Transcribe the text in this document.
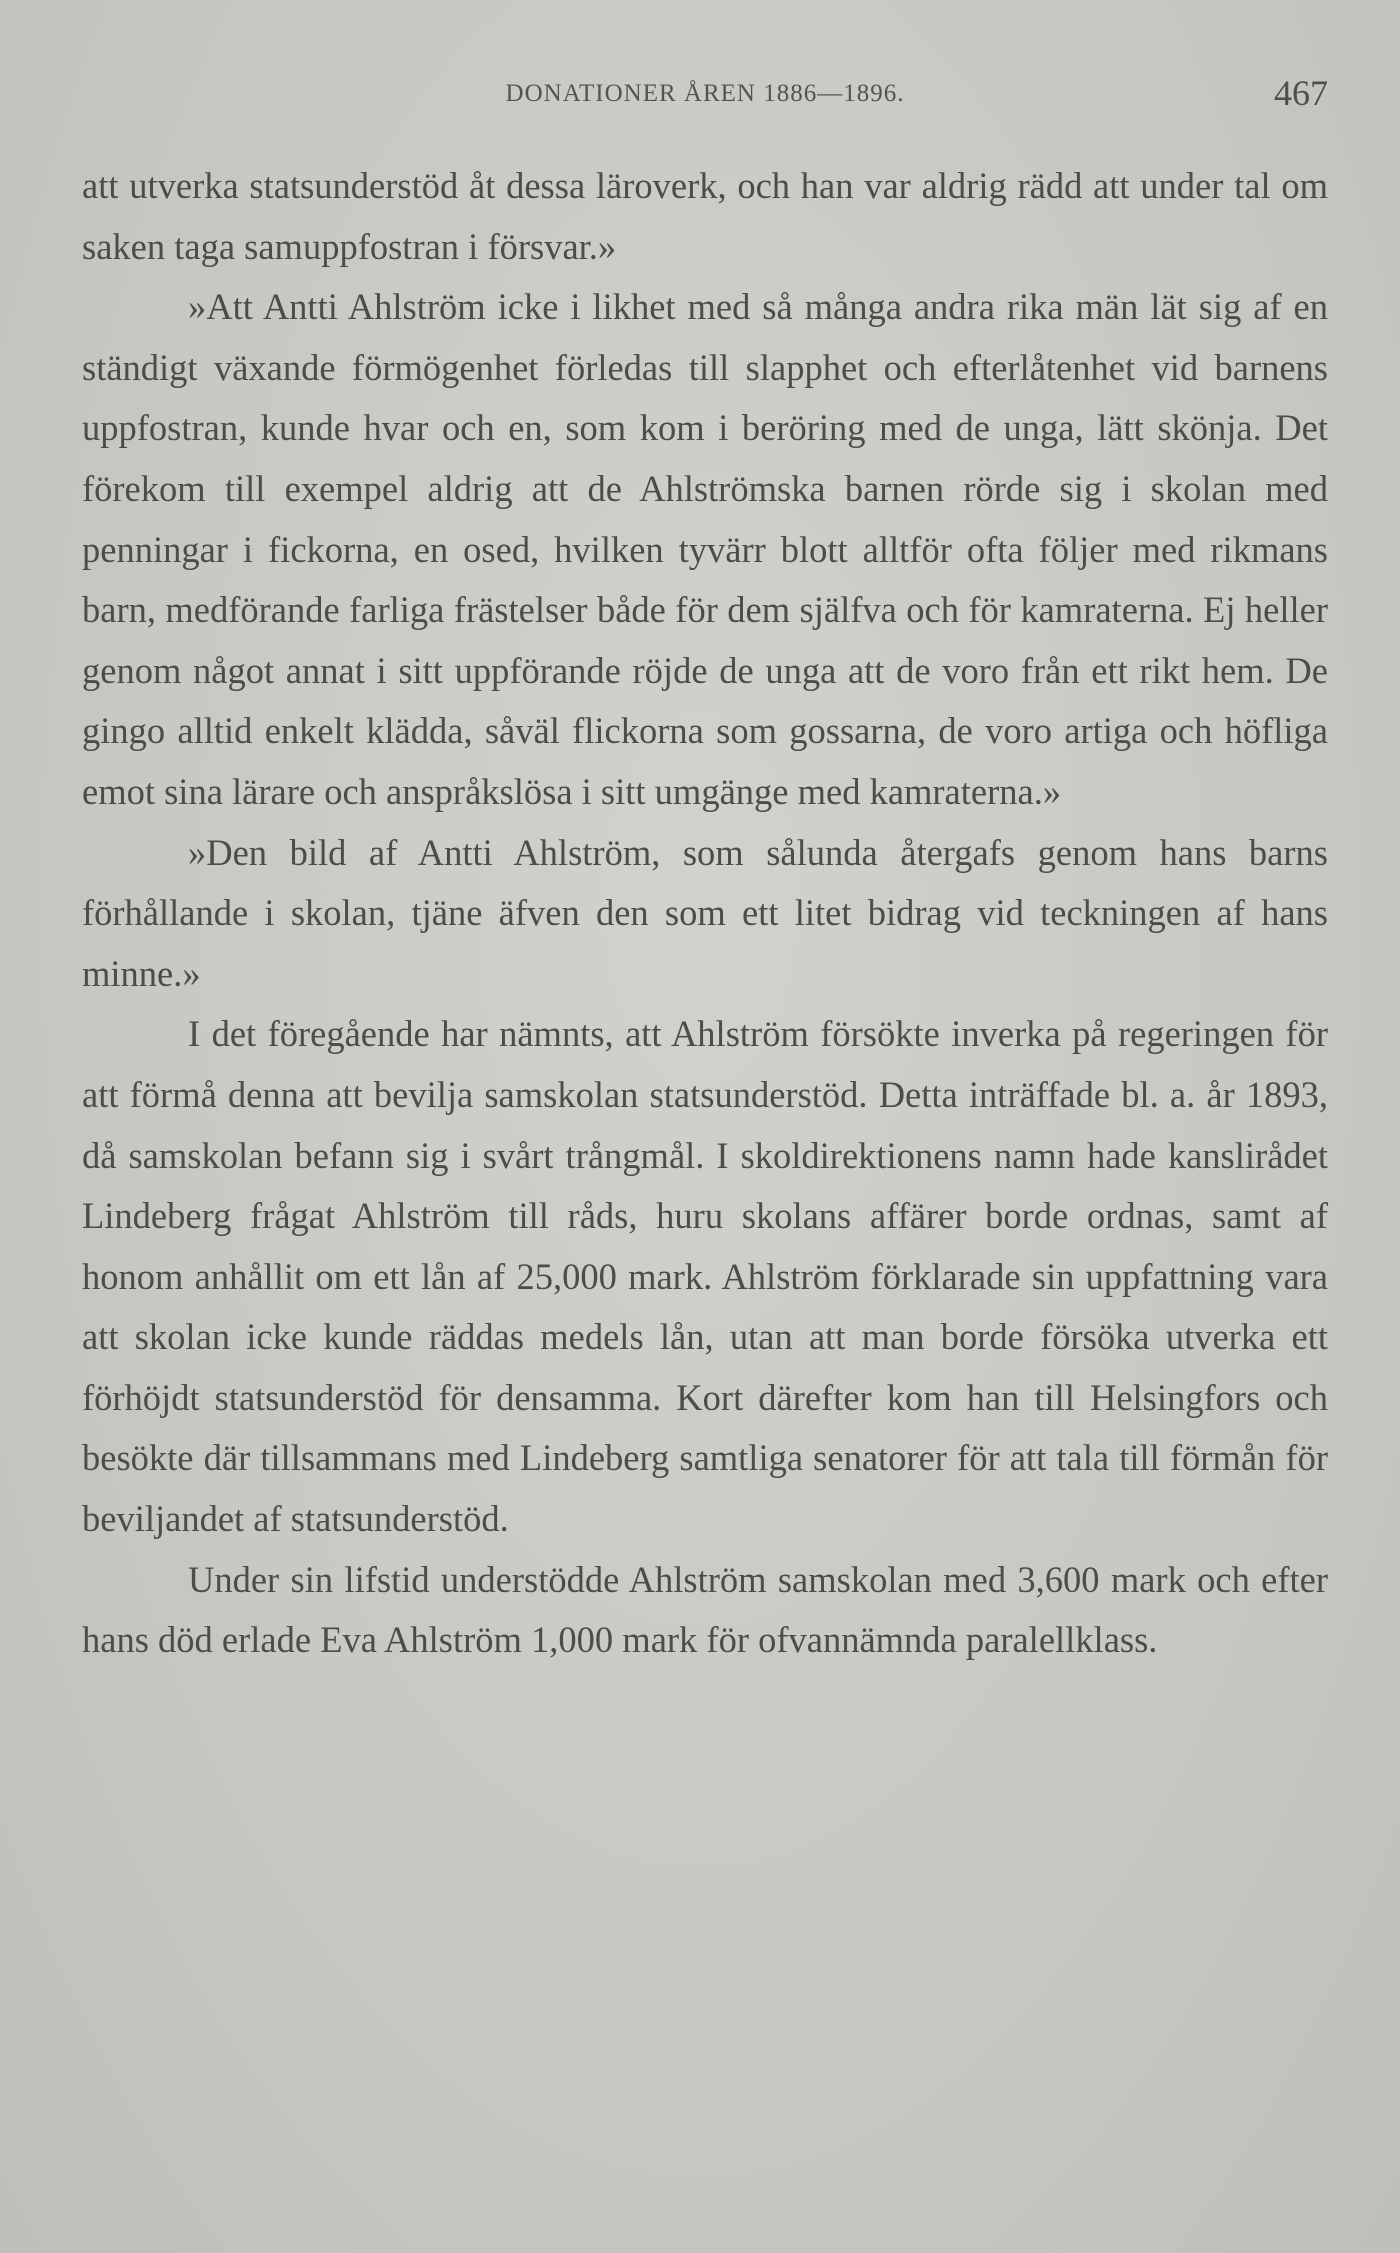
DONATIONER ÅREN 1886—1896.	467

att utverka statsunderstöd åt dessa läroverk, och han var aldrig rädd att under tal om saken taga samuppfostran i försvar.»

»Att Antti Ahlström icke i likhet med så många andra rika män lät sig af en ständigt växande förmögenhet förledas till slapphet och efterlåtenhet vid barnens uppfostran, kunde hvar och en, som kom i beröring med de unga, lätt skönja. Det förekom till exempel aldrig att de Ahlströmska barnen rörde sig i skolan med penningar i fickorna, en osed, hvilken tyvärr blott alltför ofta följer med rikmans barn, medförande farliga frästelser både för dem själfva och för kamraterna. Ej heller genom något annat i sitt uppförande röjde de unga att de voro från ett rikt hem. De gingo alltid enkelt klädda, såväl flickorna som gossarna, de voro artiga och höfliga emot sina lärare och anspråkslösa i sitt umgänge med kamraterna.»

»Den bild af Antti Ahlström, som sålunda återgafs genom hans barns förhållande i skolan, tjäne äfven den som ett litet bidrag vid teckningen af hans minne.»

I det föregående har nämnts, att Ahlström försökte inverka på regeringen för att förmå denna att bevilja samskolan statsunderstöd. Detta inträffade bl. a. år 1893, då samskolan befann sig i svårt trångmål. I skoldirektionens namn hade kanslirådet Lindeberg frågat Ahlström till råds, huru skolans affärer borde ordnas, samt af honom anhållit om ett lån af 25,000 mark. Ahlström förklarade sin uppfattning vara att skolan icke kunde räddas medels lån, utan att man borde försöka utverka ett förhöjdt statsunderstöd för densamma. Kort därefter kom han till Helsingfors och besökte där tillsammans med Lindeberg samtliga senatorer för att tala till förmån för beviljandet af statsunderstöd.

Under sin lifstid understödde Ahlström samskolan med 3,600 mark och efter hans död erlade Eva Ahlström 1,000 mark för ofvannämnda paralellklass.
